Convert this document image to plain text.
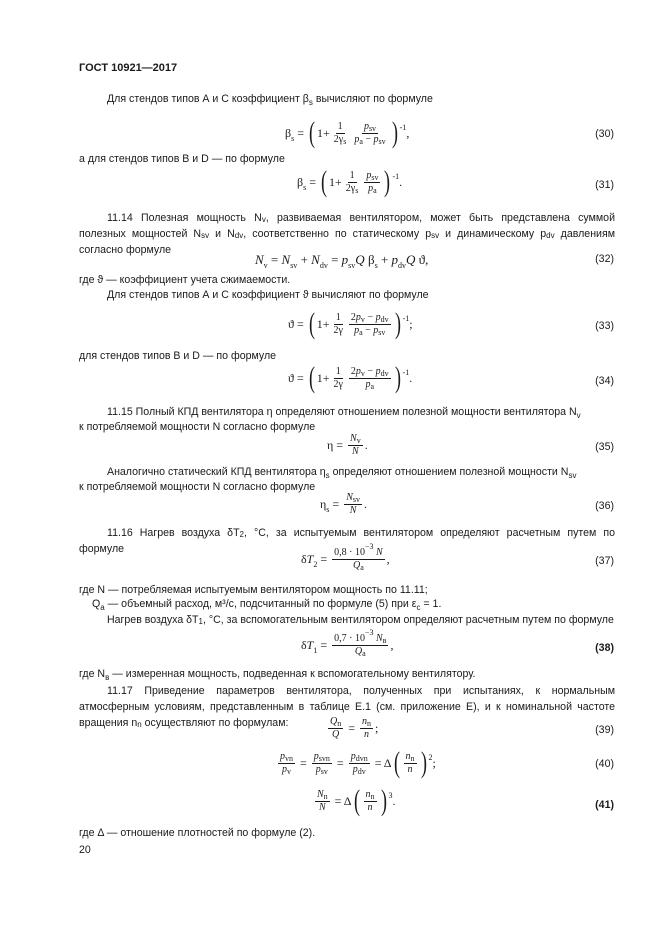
ГОСТ 10921—2017
Для стендов типов А и С коэффициент βs вычисляют по формуле
βs = ( $1+ \frac{1}{2\gamma_s} \frac{p_{sv}}{p_a - p_{sv}}$ ) -1 ,	(30)
а для стендов типов В и D — по формуле
βs = ( $1+ \frac{1}{2\gamma_s} \frac{p_{sv}}{p_a}$ ) -1 .	(31)
11.14 Полезная мощность Nv, развиваемая вентилятором, может быть представлена суммой полезных мощностей Nsv и Ndv, соответственно по статическому psv и динамическому pdv давлениям согласно формуле
Nv = Nsv + Ndv = psvQ βs + pdvQ ϑ,	(32)
где ϑ — коэффициент учета сжимаемости.
Для стендов типов А и С коэффициент ϑ вычисляют по формуле
ϑ = ( $1+ \frac{1}{2\gamma} \frac{2p_v - p_{dv}}{p_a - p_{sv}}$ ) -1 ;	(33)
для стендов типов В и D — по формуле
ϑ = ( $1+ \frac{1}{2\gamma} \frac{2p_v - p_{dv}}{p_a}$ ) -1 .	(34)
11.15 Полный КПД вентилятора η определяют отношением полезной мощности вентилятора Nv
к потребляемой мощности N согласно формуле
$\eta = \frac{N_v}{N}$ .	(35)
Аналогично статический КПД вентилятора ηs определяют отношением полезной мощности Nsv
к потребляемой мощности N согласно формуле
$\eta s = \frac{N_{sv}}{N}$ .	(36)
11.16 Нагрев воздуха δT2, °С, за испытуемым вентилятором определяют расчетным путем по формуле
$\delta T2 = \frac{0,8 \cdot 10^{-3} N}{Q_a}$ ,	(37)
где N — потребляемая испытуемым вентилятором мощность по 11.11;
Qa — объемный расход, м³/с, подсчитанный по формуле (5) при εc = 1.
Нагрев воздуха δT1, °С, за вспомогательным вентилятором определяют расчетным путем по формуле
$\delta T1 = \frac{0,7 \cdot 10^{-3} N_в}{Q_a}$ ,	(38)
где Nв — измеренная мощность, подведенная к вспомогательному вентилятору.
11.17 Приведение параметров вентилятора, полученных при испытаниях, к нормальным атмосферным условиям, представленным в таблице Е.1 (см. приложение Е), и к номинальной частоте вращения nn осуществляют по формулам:	$\frac{Q_n}{Q} = \frac{n_n}{n}$ ;	(39)
$\frac{p_{vn}}{p_v} = \frac{p_{svn}}{p_{sv}} = \frac{p_{dvn}}{p_{dv}} = \Delta$ ( $\frac{n_n}{n}$ ) 2 ;	(40)
$\frac{N_n}{N} = \Delta$ ( $\frac{n_n}{n}$ ) 3 .	(41)
где Δ — отношение плотностей по формуле (2).
20
